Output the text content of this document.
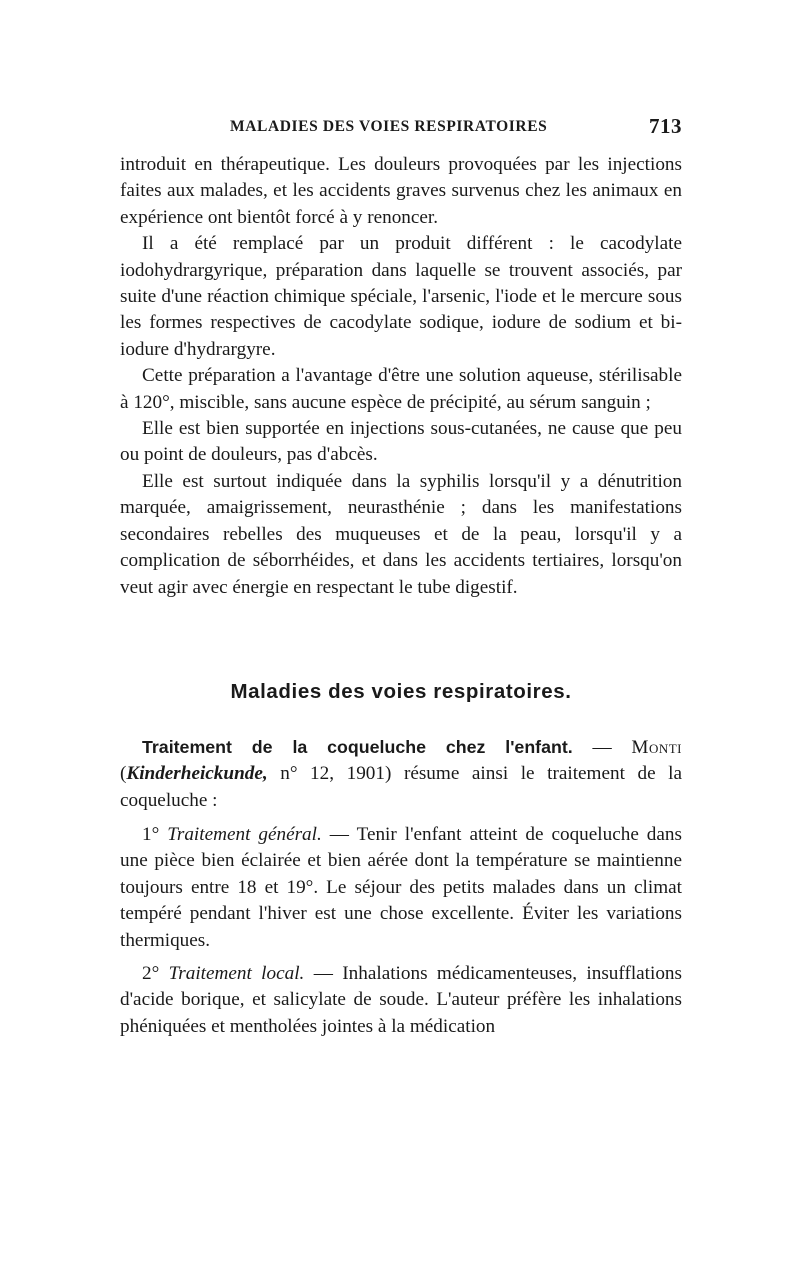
MALADIES DES VOIES RESPIRATOIRES	713

introduit en thérapeutique. Les douleurs provoquées par les injections faites aux malades, et les accidents graves survenus chez les animaux en expérience ont bientôt forcé à y renoncer.

Il a été remplacé par un produit différent : le cacodylate iodohydrargyrique, préparation dans laquelle se trouvent associés, par suite d'une réaction chimique spéciale, l'arsenic, l'iode et le mercure sous les formes respectives de cacodylate sodique, iodure de sodium et bi-iodure d'hydrargyre.

Cette préparation a l'avantage d'être une solution aqueuse, stérilisable à 120°, miscible, sans aucune espèce de précipité, au sérum sanguin ;

Elle est bien supportée en injections sous-cutanées, ne cause que peu ou point de douleurs, pas d'abcès.

Elle est surtout indiquée dans la syphilis lorsqu'il y a dénutrition marquée, amaigrissement, neurasthénie ; dans les manifestations secondaires rebelles des muqueuses et de la peau, lorsqu'il y a complication de séborrhéides, et dans les accidents tertiaires, lorsqu'on veut agir avec énergie en respectant le tube digestif.

Maladies des voies respiratoires.

Traitement de la coqueluche chez l'enfant. — Monti (Kinderheickunde, n° 12, 1901) résume ainsi le traitement de la coqueluche :

1° Traitement général. — Tenir l'enfant atteint de coqueluche dans une pièce bien éclairée et bien aérée dont la température se maintienne toujours entre 18 et 19°. Le séjour des petits malades dans un climat tempéré pendant l'hiver est une chose excellente. Éviter les variations thermiques.

2° Traitement local. — Inhalations médicamenteuses, insufflations d'acide borique, et salicylate de soude. L'auteur préfère les inhalations phéniquées et mentholées jointes à la médication
